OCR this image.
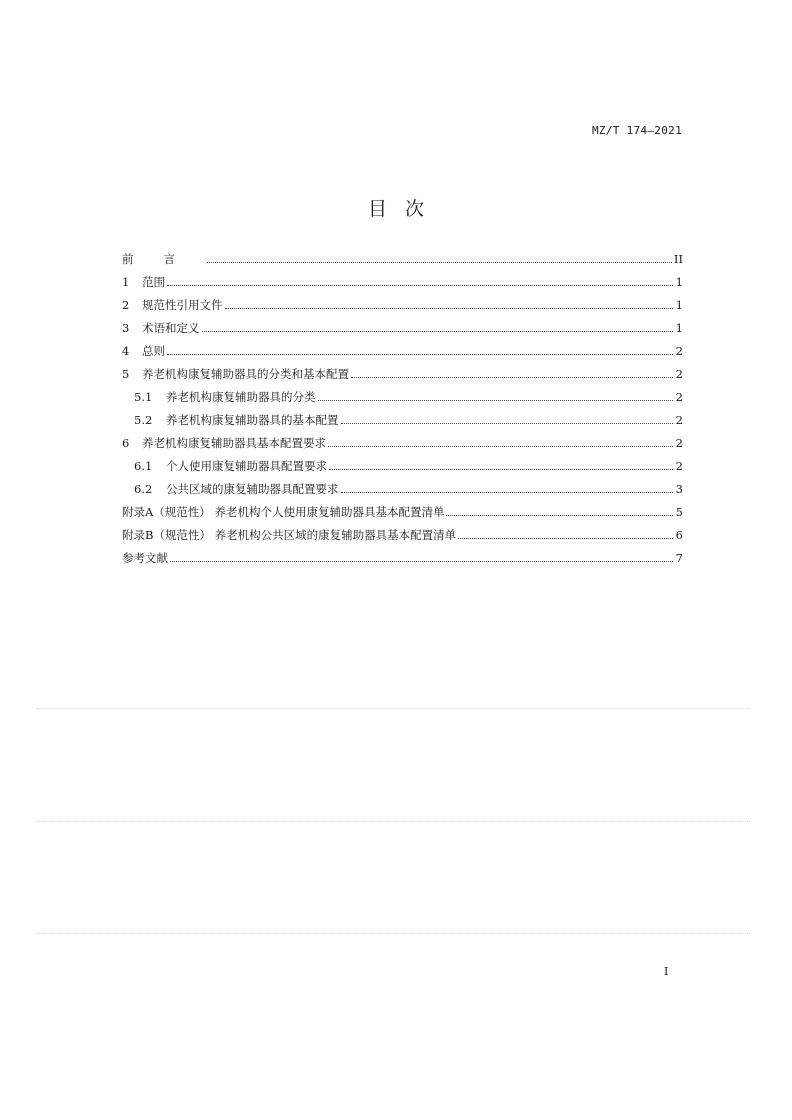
MZ/T 174—2021
目次
前言	II
1	范围	1
2	规范性引用文件	1
3	术语和定义	1
4	总则	2
5	养老机构康复辅助器具的分类和基本配置	2
5.1	养老机构康复辅助器具的分类	2
5.2	养老机构康复辅助器具的基本配置	2
6	养老机构康复辅助器具基本配置要求	2
6.1	个人使用康复辅助器具配置要求	2
6.2	公共区域的康复辅助器具配置要求	3
附录A（规范性） 养老机构个人使用康复辅助器具基本配置清单	5
附录B（规范性） 养老机构公共区域的康复辅助器具基本配置清单	6
参考文献	7
I
